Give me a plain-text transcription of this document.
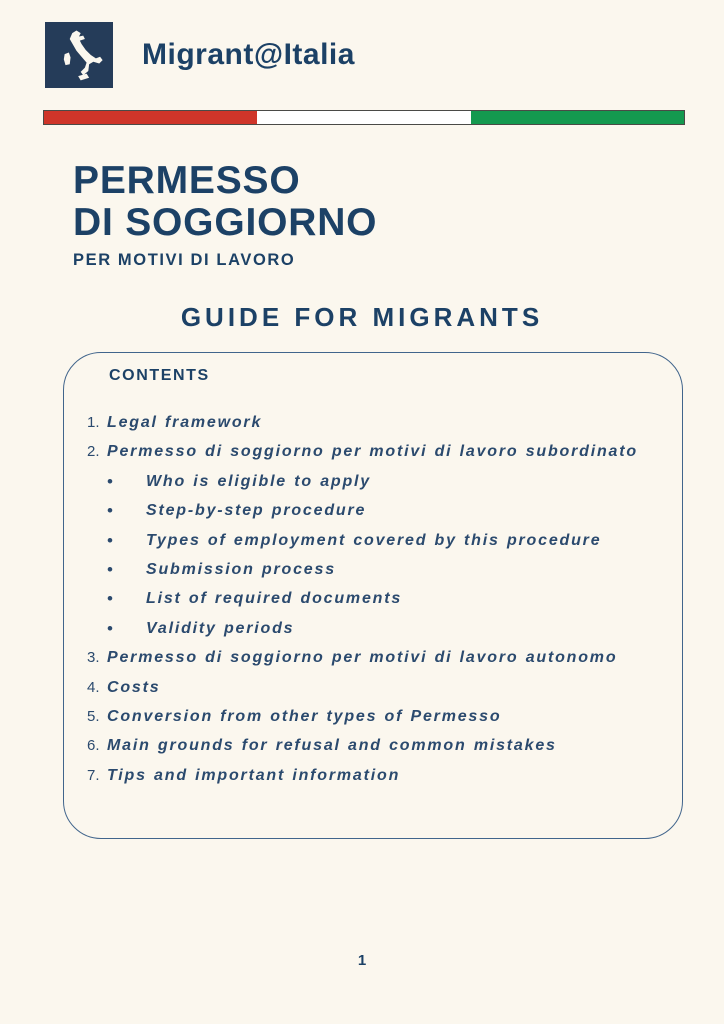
Migrant@Italia
PERMESSO
DI SOGGIORNO
PER MOTIVI DI LAVORO
GUIDE FOR MIGRANTS
CONTENTS
1. Legal framework
2. Permesso di soggiorno per motivi di lavoro subordinato
•	Who is eligible to apply
•	Step-by-step procedure
•	Types of employment covered by this procedure
•	Submission process
•	List of required documents
•	Validity periods
3. Permesso di soggiorno per motivi di lavoro autonomo
4. Costs
5. Conversion from other types of Permesso
6. Main grounds for refusal and common mistakes
7. Tips and important information
1
